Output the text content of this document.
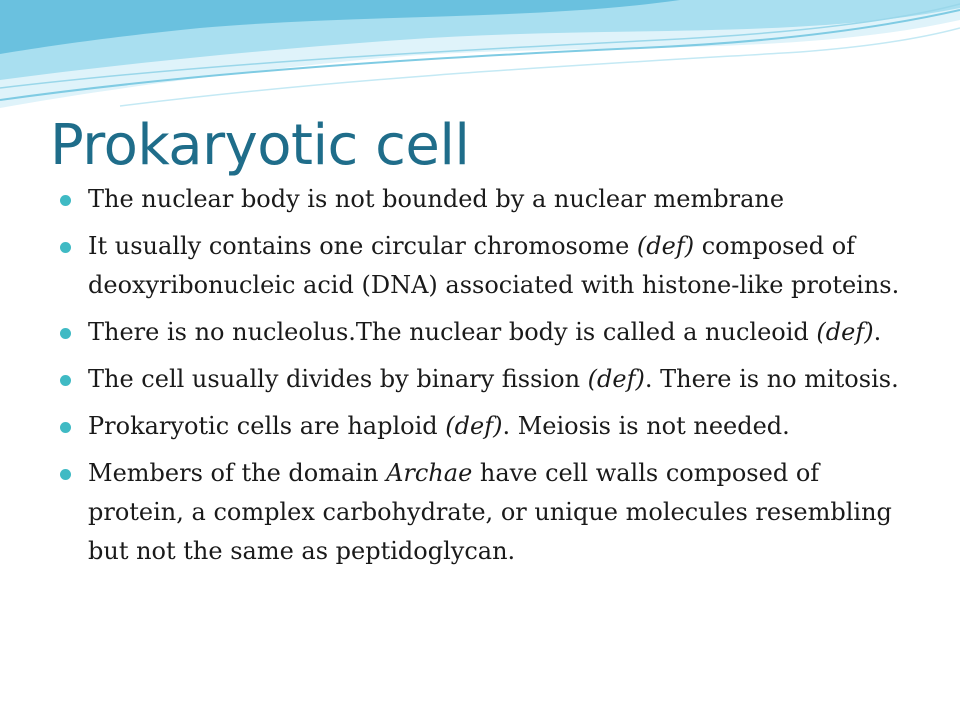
Prokaryotic cell
The nuclear body is not bounded by a nuclear membrane
It usually contains one circular chromosome (def) composed of deoxyribonucleic acid (DNA) associated with histone-like proteins.
There is no nucleolus.The nuclear body is called a nucleoid (def).
The cell usually divides by binary fission (def). There is no mitosis.
Prokaryotic cells are haploid (def). Meiosis is not needed.
Members of the domain Archae have cell walls composed of protein, a complex carbohydrate, or unique molecules resembling but not the same as peptidoglycan.
